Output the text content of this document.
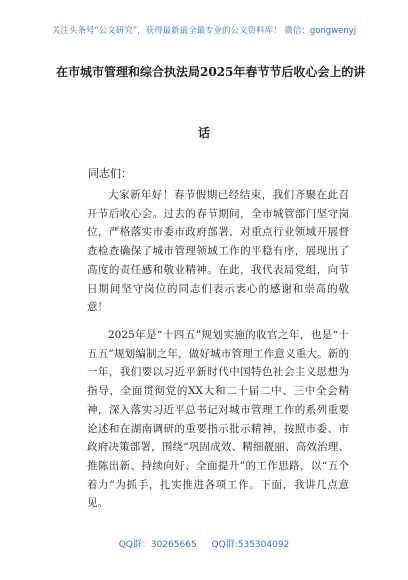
关注头条号“公文研究”，获得最新最全最专业的公文资料库！ 微信：gongwenyj
在市城市管理和综合执法局2025年春节节后收心会上的讲
话
同志们：

大家新年好！春节假期已经结束，我们齐聚在此召开节后收心会。过去的春节期间，全市城管部门坚守岗位，严格落实市委市政府部署，对重点行业领域开展督查检查确保了城市管理领域工作的平稳有序，展现出了高度的责任感和敬业精神。在此，我代表局党组，向节日期间坚守岗位的同志们表示衷心的感谢和崇高的敬意！

2025年是“十四五”规划实施的收官之年，也是“十五五”规划编制之年，做好城市管理工作意义重大。新的一年，我们要以习近平新时代中国特色社会主义思想为指导，全面贯彻党的XX大和二十届二中、三中全会精神，深入落实习近平总书记对城市管理工作的系列重要论述和在湖南调研的重要指示批示精神，按照市委、市政府决策部署，围绕“巩固成效、精细靓丽、高效治理、推陈出新、持续向好、全面提升”的工作思路，以“五个着力”为抓手，扎实推进各项工作。下面，我讲几点意见。

QQ群：30265665 QQ群:535304092
